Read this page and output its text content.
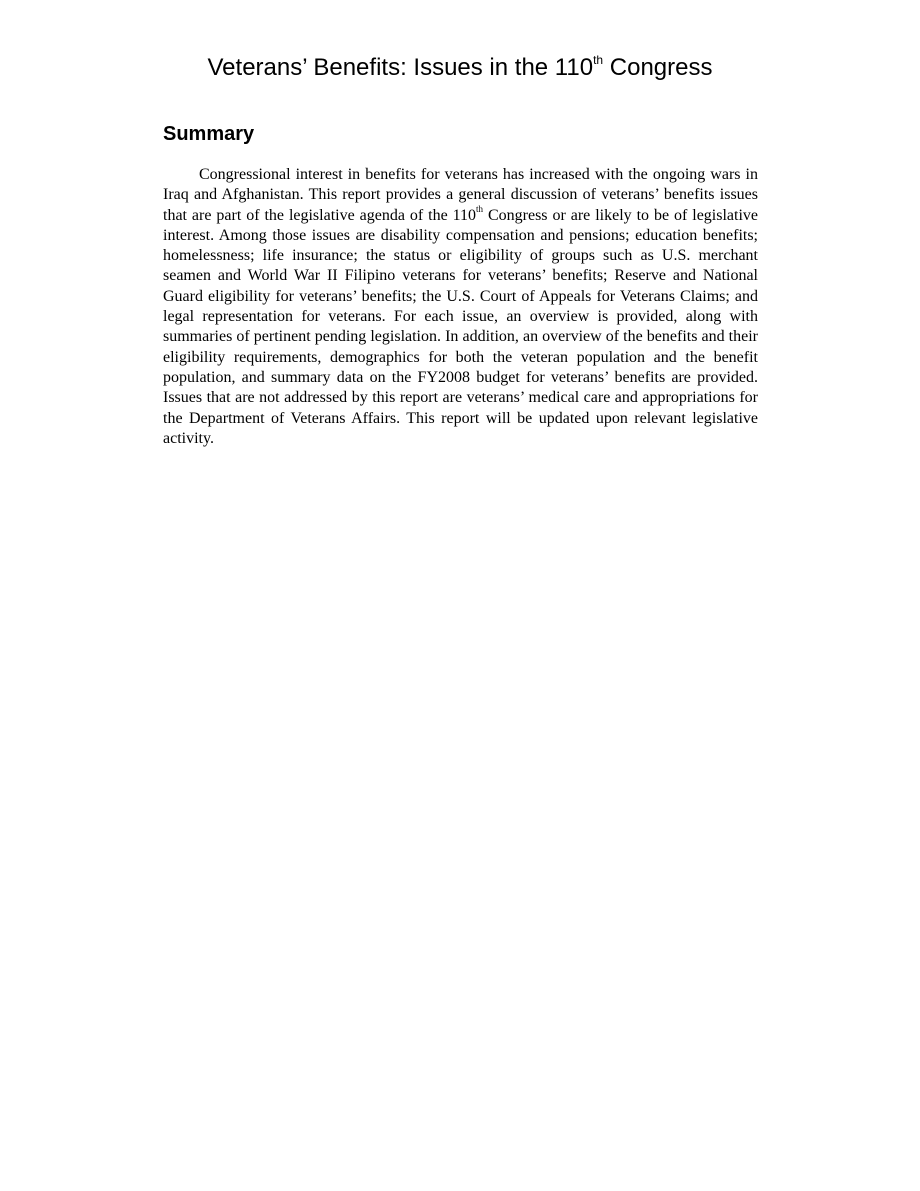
Veterans’ Benefits: Issues in the 110th Congress
Summary

Congressional interest in benefits for veterans has increased with the ongoing wars in Iraq and Afghanistan. This report provides a general discussion of veterans’ benefits issues that are part of the legislative agenda of the 110th Congress or are likely to be of legislative interest. Among those issues are disability compensation and pensions; education benefits; homelessness; life insurance; the status or eligibility of groups such as U.S. merchant seamen and World War II Filipino veterans for veterans’ benefits; Reserve and National Guard eligibility for veterans’ benefits; the U.S. Court of Appeals for Veterans Claims; and legal representation for veterans. For each issue, an overview is provided, along with summaries of pertinent pending legislation. In addition, an overview of the benefits and their eligibility requirements, demographics for both the veteran population and the benefit population, and summary data on the FY2008 budget for veterans’ benefits are provided. Issues that are not addressed by this report are veterans’ medical care and appropriations for the Department of Veterans Affairs. This report will be updated upon relevant legislative activity.
